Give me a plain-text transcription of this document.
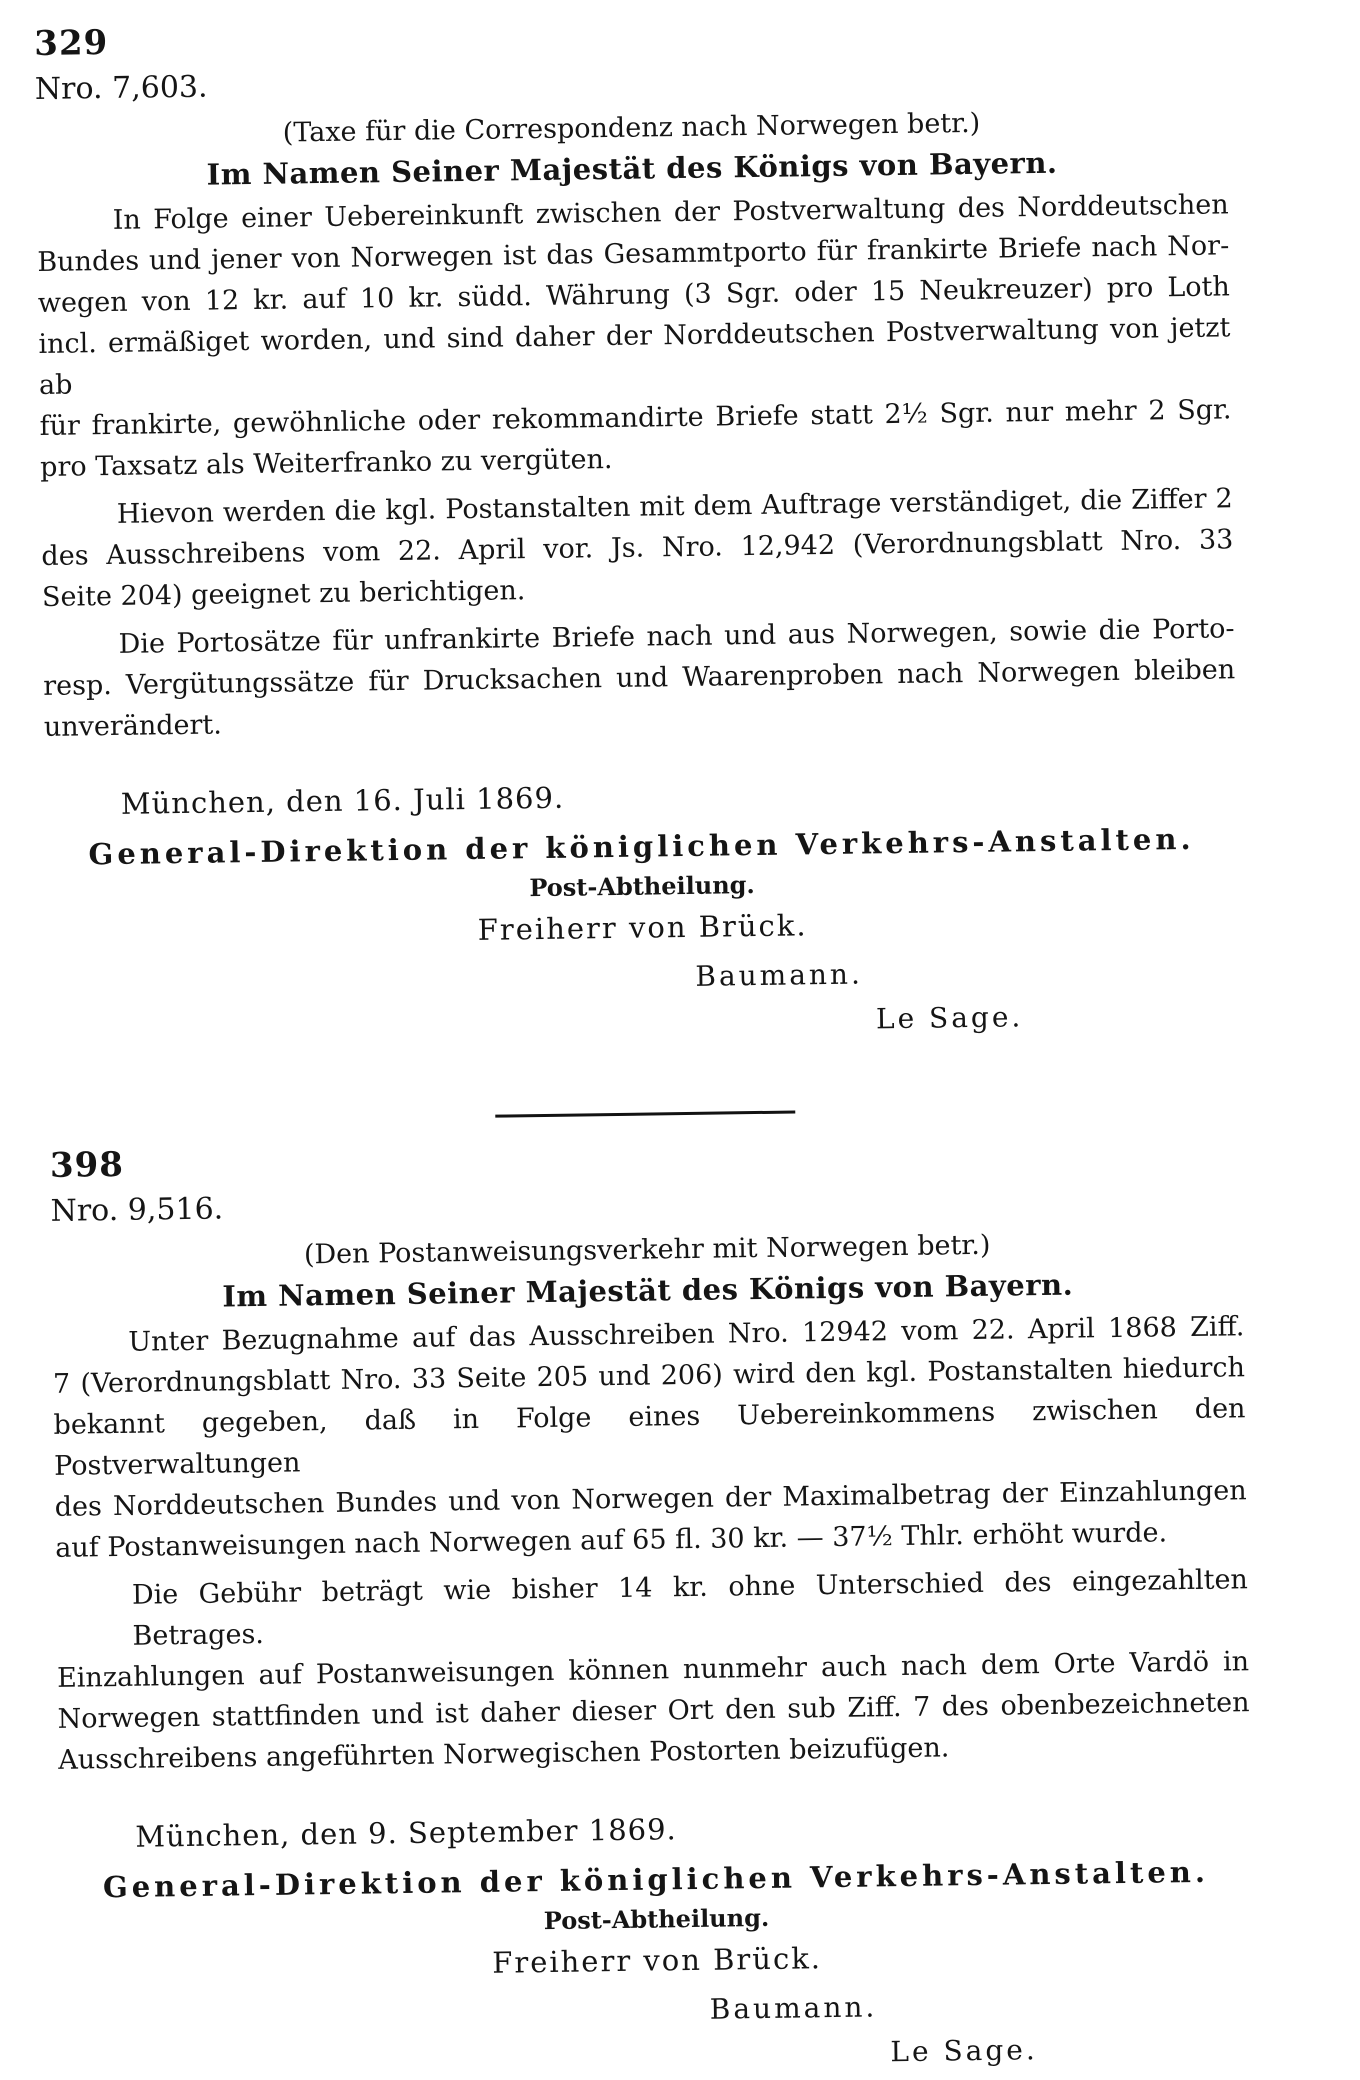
329
Nro. 7,603.
(Taxe für die Correspondenz nach Norwegen betr.)
Im Namen Seiner Majestät des Königs von Bayern.
In Folge einer Uebereinkunft zwischen der Postverwaltung des Norddeutschen
Bundes und jener von Norwegen ist das Gesammtporto für frankirte Briefe nach Nor-
wegen von 12 kr. auf 10 kr. südd. Währung (3 Sgr. oder 15 Neukreuzer) pro Loth
incl. ermäßiget worden, und sind daher der Norddeutschen Postverwaltung von jetzt ab
für frankirte, gewöhnliche oder rekommandirte Briefe statt 2½ Sgr. nur mehr 2 Sgr.
pro Taxsatz als Weiterfranko zu vergüten.
Hievon werden die kgl. Postanstalten mit dem Auftrage verständiget, die Ziffer 2
des Ausschreibens vom 22. April vor. Js. Nro. 12,942 (Verordnungsblatt Nro. 33
Seite 204) geeignet zu berichtigen.
Die Portosätze für unfrankirte Briefe nach und aus Norwegen, sowie die Porto-
resp. Vergütungssätze für Drucksachen und Waarenproben nach Norwegen bleiben
unverändert.
München, den 16. Juli 1869.
General-Direktion der königlichen Verkehrs-Anstalten.
Post-Abtheilung.
Freiherr von Brück.
Baumann.
Le Sage.
398
Nro. 9,516.
(Den Postanweisungsverkehr mit Norwegen betr.)
Im Namen Seiner Majestät des Königs von Bayern.
Unter Bezugnahme auf das Ausschreiben Nro. 12942 vom 22. April 1868 Ziff.
7 (Verordnungsblatt Nro. 33 Seite 205 und 206) wird den kgl. Postanstalten hiedurch
bekannt gegeben, daß in Folge eines Uebereinkommens zwischen den Postverwaltungen
des Norddeutschen Bundes und von Norwegen der Maximalbetrag der Einzahlungen
auf Postanweisungen nach Norwegen auf 65 fl. 30 kr. — 37½ Thlr. erhöht wurde.
Die Gebühr beträgt wie bisher 14 kr. ohne Unterschied des eingezahlten Betrages.
Einzahlungen auf Postanweisungen können nunmehr auch nach dem Orte Vardö in
Norwegen stattfinden und ist daher dieser Ort den sub Ziff. 7 des obenbezeichneten
Ausschreibens angeführten Norwegischen Postorten beizufügen.
München, den 9. September 1869.
General-Direktion der königlichen Verkehrs-Anstalten.
Post-Abtheilung.
Freiherr von Brück.
Baumann.
Le Sage.
